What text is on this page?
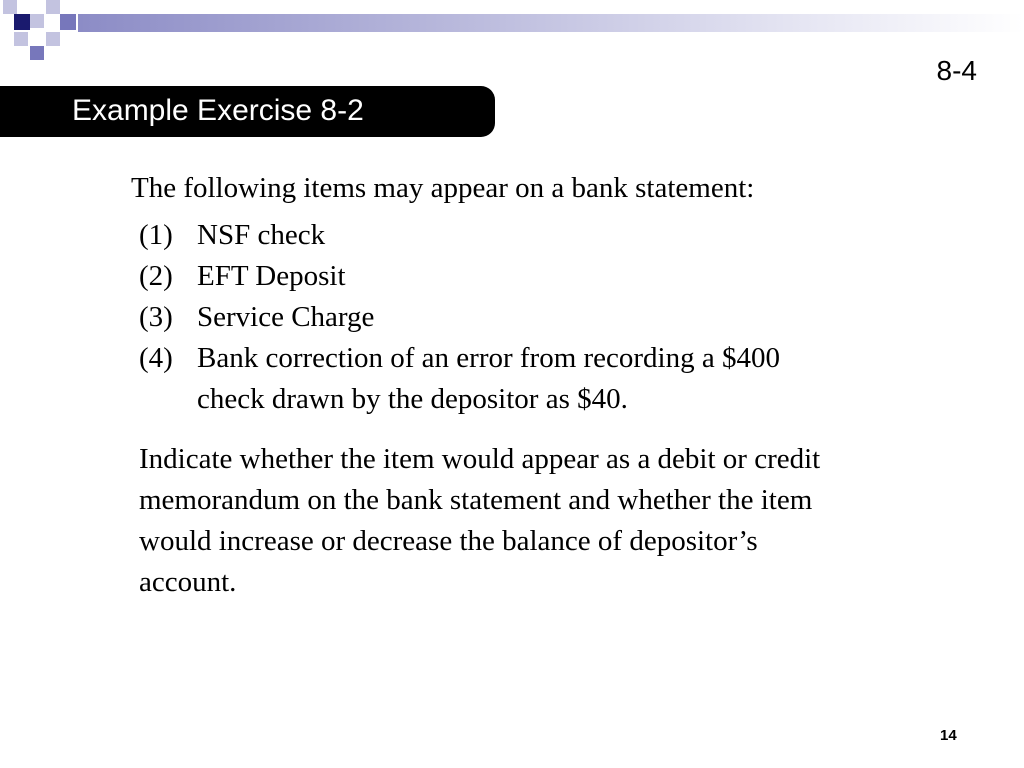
8-4
Example Exercise 8-2
The following items may appear on a bank statement:
(1) NSF check
(2) EFT Deposit
(3) Service Charge
(4) Bank correction of an error from recording a $400
check drawn by the depositor as $40.
Indicate whether the item would appear as a debit or credit
memorandum on the bank statement and whether the item
would increase or decrease the balance of depositor’s
account.
14
